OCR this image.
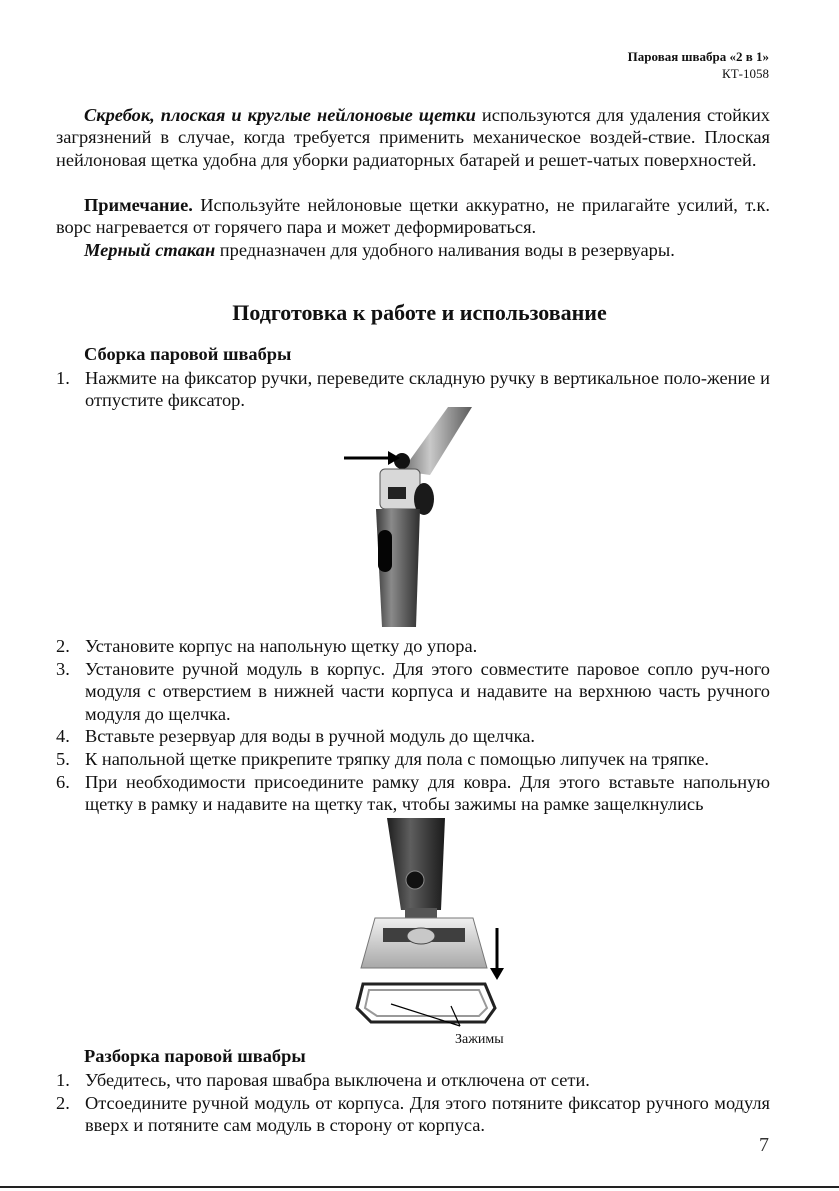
Паровая швабра «2 в 1»
КТ-1058

Скребок, плоская и круглые нейлоновые щетки используются для удаления стойких загрязнений в случае, когда требуется применить механическое воздей-ствие. Плоская нейлоновая щетка удобна для уборки радиаторных батарей и решет-чатых поверхностей.

Примечание. Используйте нейлоновые щетки аккуратно, не прилагайте усилий, т.к. ворс нагревается от горячего пара и может деформироваться.

Мерный стакан предназначен для удобного наливания воды в резервуары.

Подготовка к работе и использование
Сборка паровой швабры
1. Нажмите на фиксатор ручки, переведите складную ручку в вертикальное поло-жение и отпустите фиксатор.
2. Установите корпус на напольную щетку до упора.
3. Установите ручной модуль в корпус. Для этого совместите паровое сопло руч-ного модуля с отверстием в нижней части корпуса и надавите на верхнюю часть ручного модуля до щелчка.
4. Вставьте резервуар для воды в ручной модуль до щелчка.
5. К напольной щетке прикрепите тряпку для пола с помощью липучек на тряпке.
6. При необходимости присоедините рамку для ковра. Для этого вставьте напольную щетку в рамку и надавите на щетку так, чтобы зажимы на рамке защелкнулись
Зажимы
Разборка паровой швабры
1. Убедитесь, что паровая швабра выключена и отключена от сети.
2. Отсоедините ручной модуль от корпуса. Для этого потяните фиксатор ручного модуля вверх и потяните сам модуль в сторону от корпуса.
7
